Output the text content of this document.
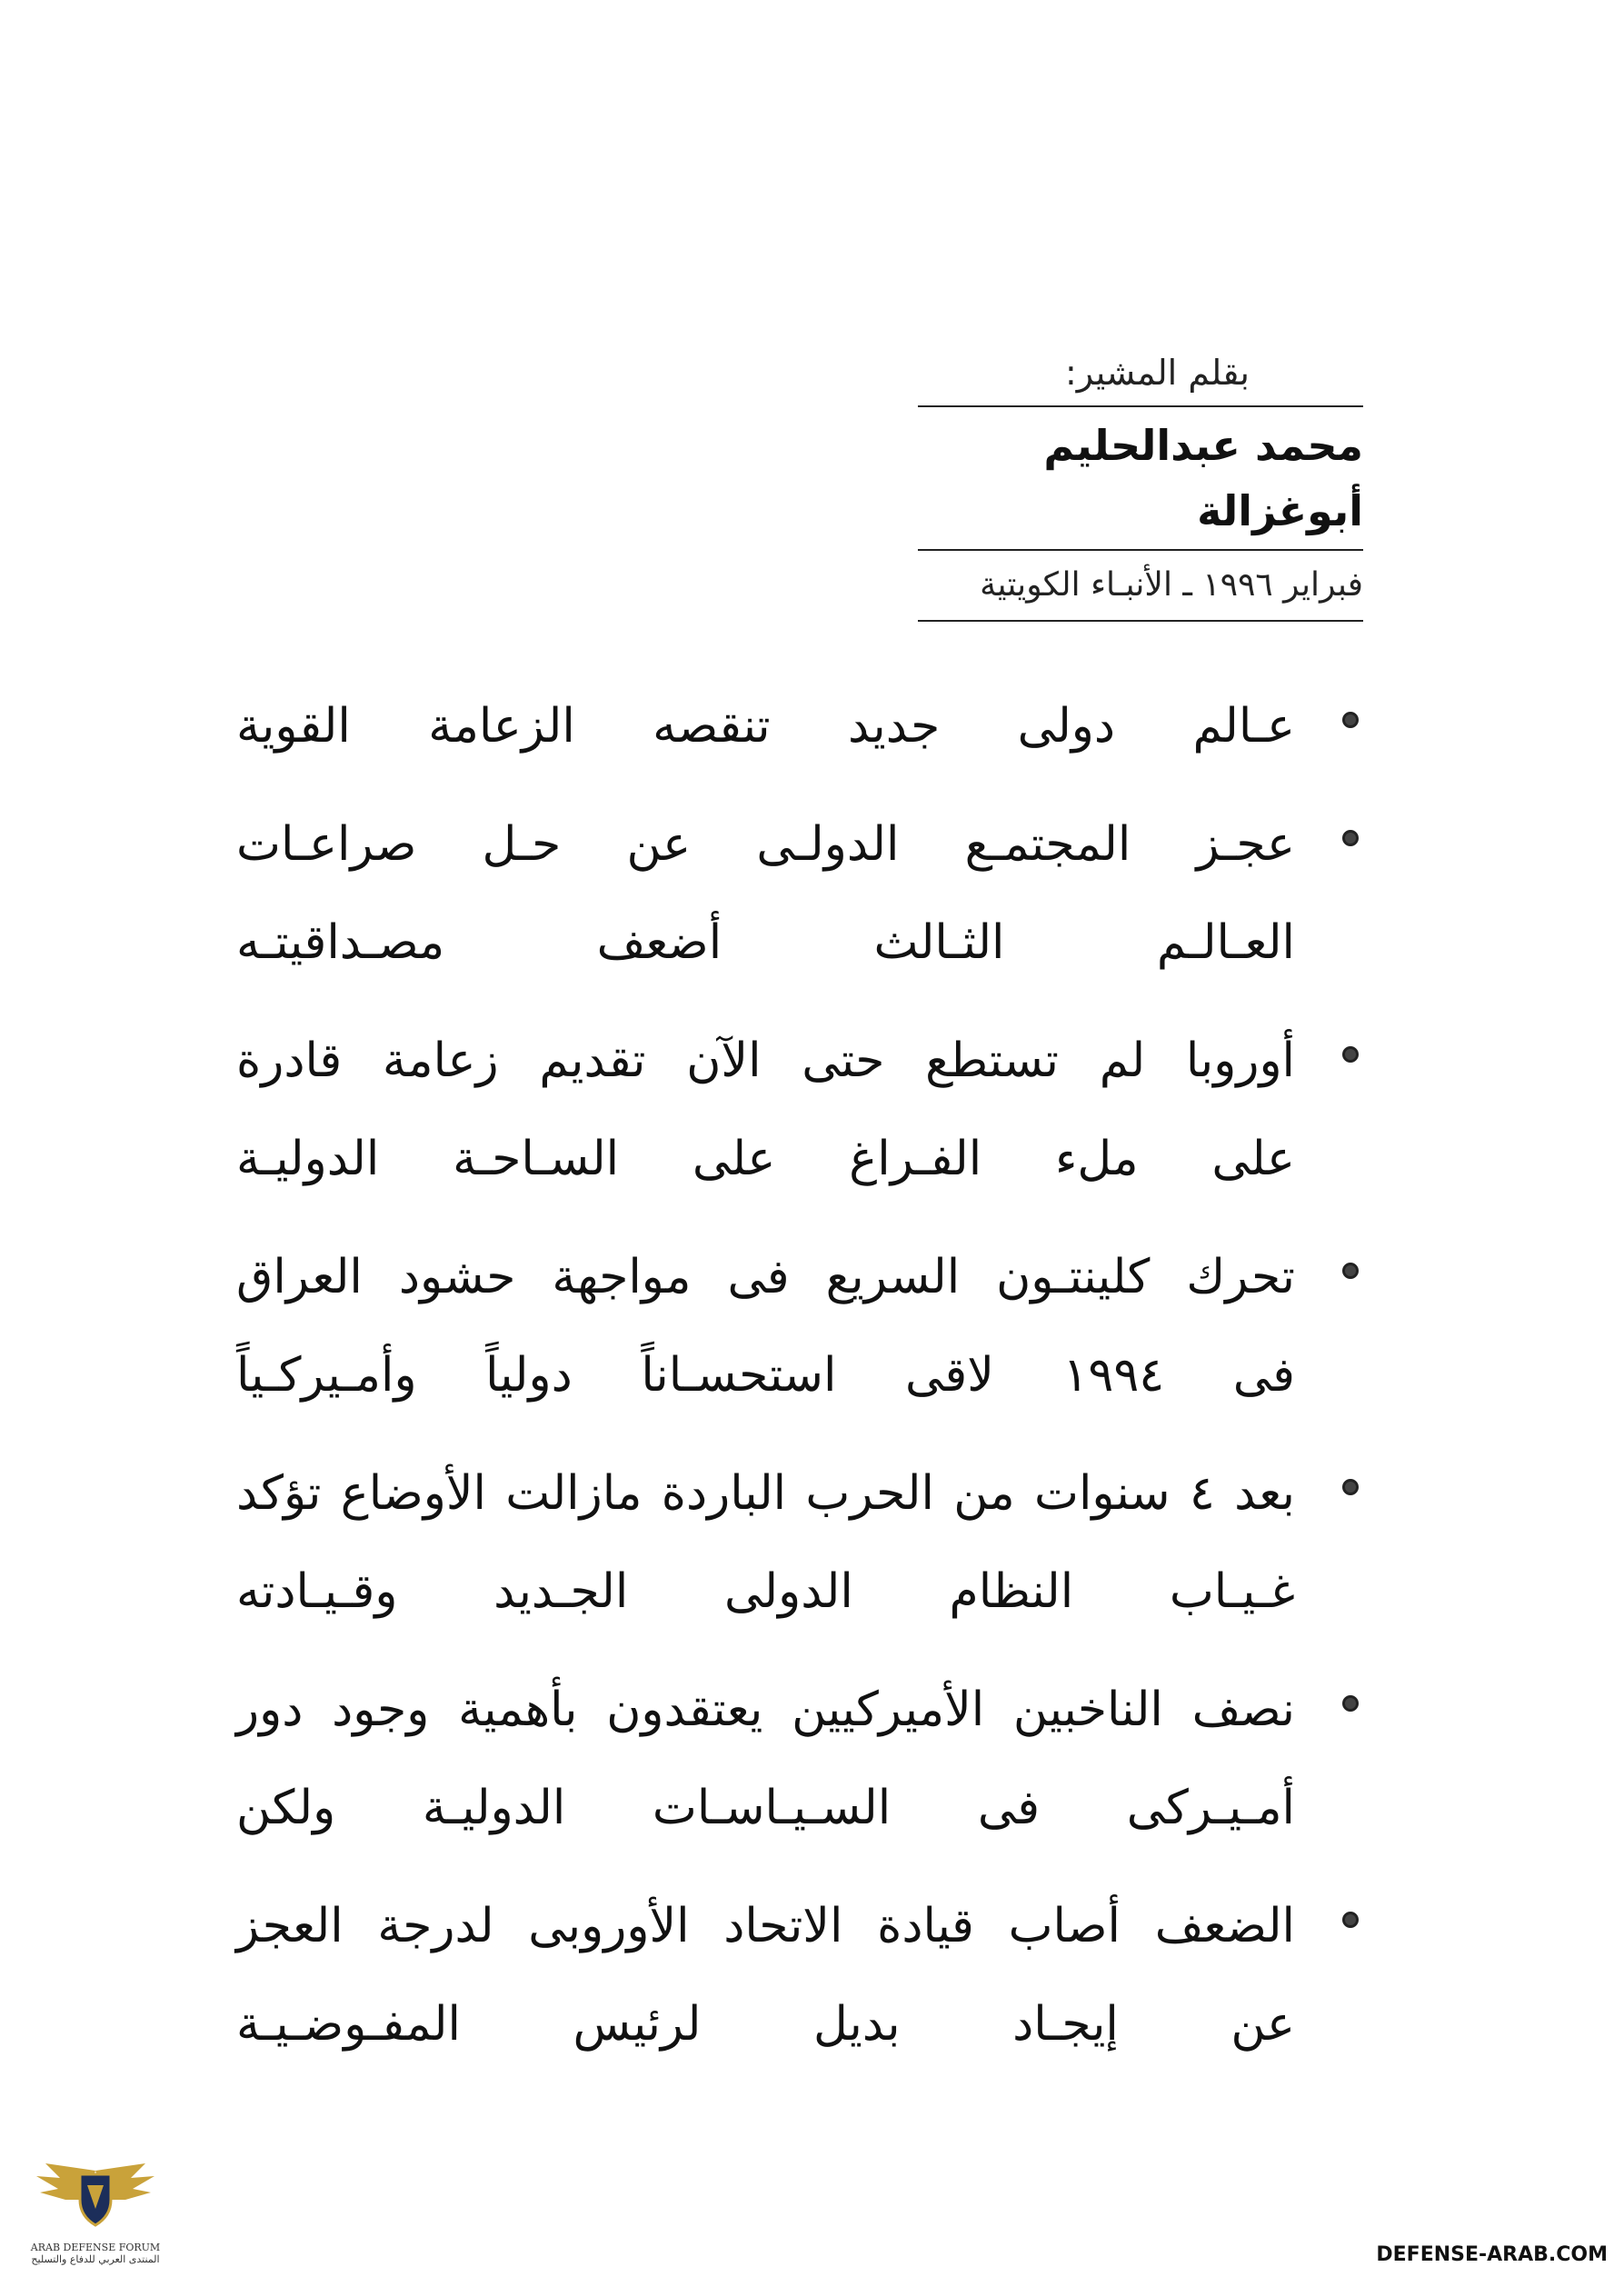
بقلم المشير:
محمد عبدالحليم أبوغزالة
فبراير ١٩٩٦ ـ الأنبـاء الكويتية
عـالم دولى جديد تنقصه الزعامة القوية
عجـز المجتمـع الدولـى عن حـل صراعـات
العـالـم الثـالث أضعف مصـداقيتـه
أوروبا لم تستطع حتى الآن تقديم زعامة قادرة
على ملء الفـراغ على السـاحـة الدوليـة
تحرك كلينتـون السريع فى مواجهة حشود العراق
فى ١٩٩٤ لاقى استحسـاناً دولياً وأمـيركـياً
بعد ٤ سنوات من الحرب الباردة مازالت الأوضاع تؤكد
غـيـاب النظام الدولى الجـديد وقـيـادته
نصف الناخبين الأميركيين يعتقدون بأهمية وجود دور
أمـيـركى فى السـيـاسـات الدوليـة ولكن
الضعف أصاب قيادة الاتحاد الأوروبى لدرجة العجز
عن إيجـاد بديل لرئيس المفـوضـيـة
ARAB DEFENSE FORUM
المنتدى العربي للدفاع والتسليح	DEFENSE-ARAB.COM
